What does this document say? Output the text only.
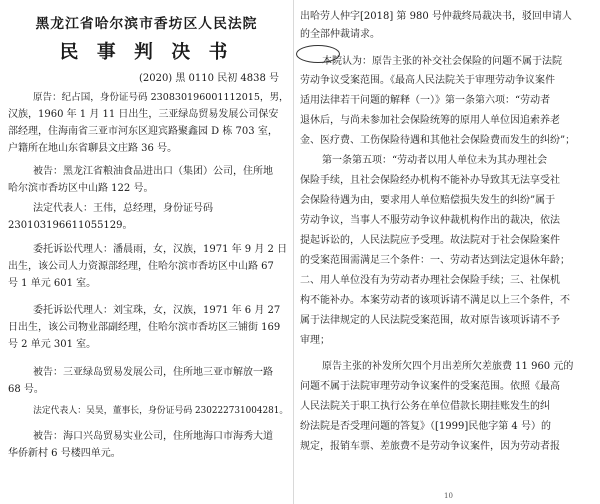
黑龙江省哈尔滨市香坊区人民法院
民 事 判 决 书
(2020) 黑 0110 民初 4838 号
原告：纪占国，身份证号码 230830196001112015，男，
汉族，1960 年 1 月 11 日出生，三亚绿岛贸易发展公司保安
部经理，住海南省三亚市河东区迎宾路聚鑫园 D 栋 703 室，
户籍所在地山东省聊县文庄路 36 号。
被告：黑龙江省粮油食品进出口（集团）公司，住所地
哈尔滨市香坊区中山路 122 号。
法定代表人：王伟，总经理，身份证号码
230103196611055129。
委托诉讼代理人：潘晨雨，女，汉族，1971 年 9 月 2 日
出生，该公司人力资源部经理，住哈尔滨市香坊区中山路 67
号 1 单元 601 室。
委托诉讼代理人：刘宝珠，女，汉族，1971 年 6 月 27
日出生，该公司物业部副经理，住哈尔滨市香坊区三铺街 169
号 2 单元 301 室。
被告：三亚绿岛贸易发展公司，住所地三亚市解放一路
68 号。
法定代表人：吴昊，董事长，身份证号码 230222731004281。
被告：海口兴岛贸易实业公司，住所地海口市海秀大道
华侨新村 6 号楼四单元。
出哈劳人仲字[2018] 第 980 号仲裁终局裁决书，驳回申请人
的全部仲裁请求。
本院认为：原告主张的补交社会保险的问题不属于法院
劳动争议受案范围。《最高人民法院关于审理劳动争议案件
适用法律若干问题的解释（一）》第一条第六项：“劳动者
退休后，与尚未参加社会保险统筹的原用人单位因追索养老
金、医疗费、工伤保险待遇和其他社会保险费而发生的纠纷”；
第一条第五项：“劳动者以用人单位未为其办理社会
保险手续，且社会保险经办机构不能补办导致其无法享受社
会保险待遇为由，要求用人单位赔偿损失发生的纠纷”属于
劳动争议，当事人不服劳动争议仲裁机构作出的裁决，依法
提起诉讼的，人民法院应予受理。故法院对于社会保险案件
的受案范围需满足三个条件：一、劳动者达到法定退休年龄；
二、用人单位没有为劳动者办理社会保险手续；三、社保机
构不能补办。本案劳动者的该项诉请不满足以上三个条件，不
属于法律规定的人民法院受案范围，故对原告该项诉请不予
审理；
原告主张的补发所欠四个月出差所欠差旅费 11 960 元的
问题不属于法院审理劳动争议案件的受案范围。依照《最高
人民法院关于职工执行公务在单位借款长期挂账发生的纠
纷法院是否受理问题的答复》（[1999]民他字第 4 号）的
规定，报销车票、差旅费不是劳动争议案件，因为劳动者报
10
